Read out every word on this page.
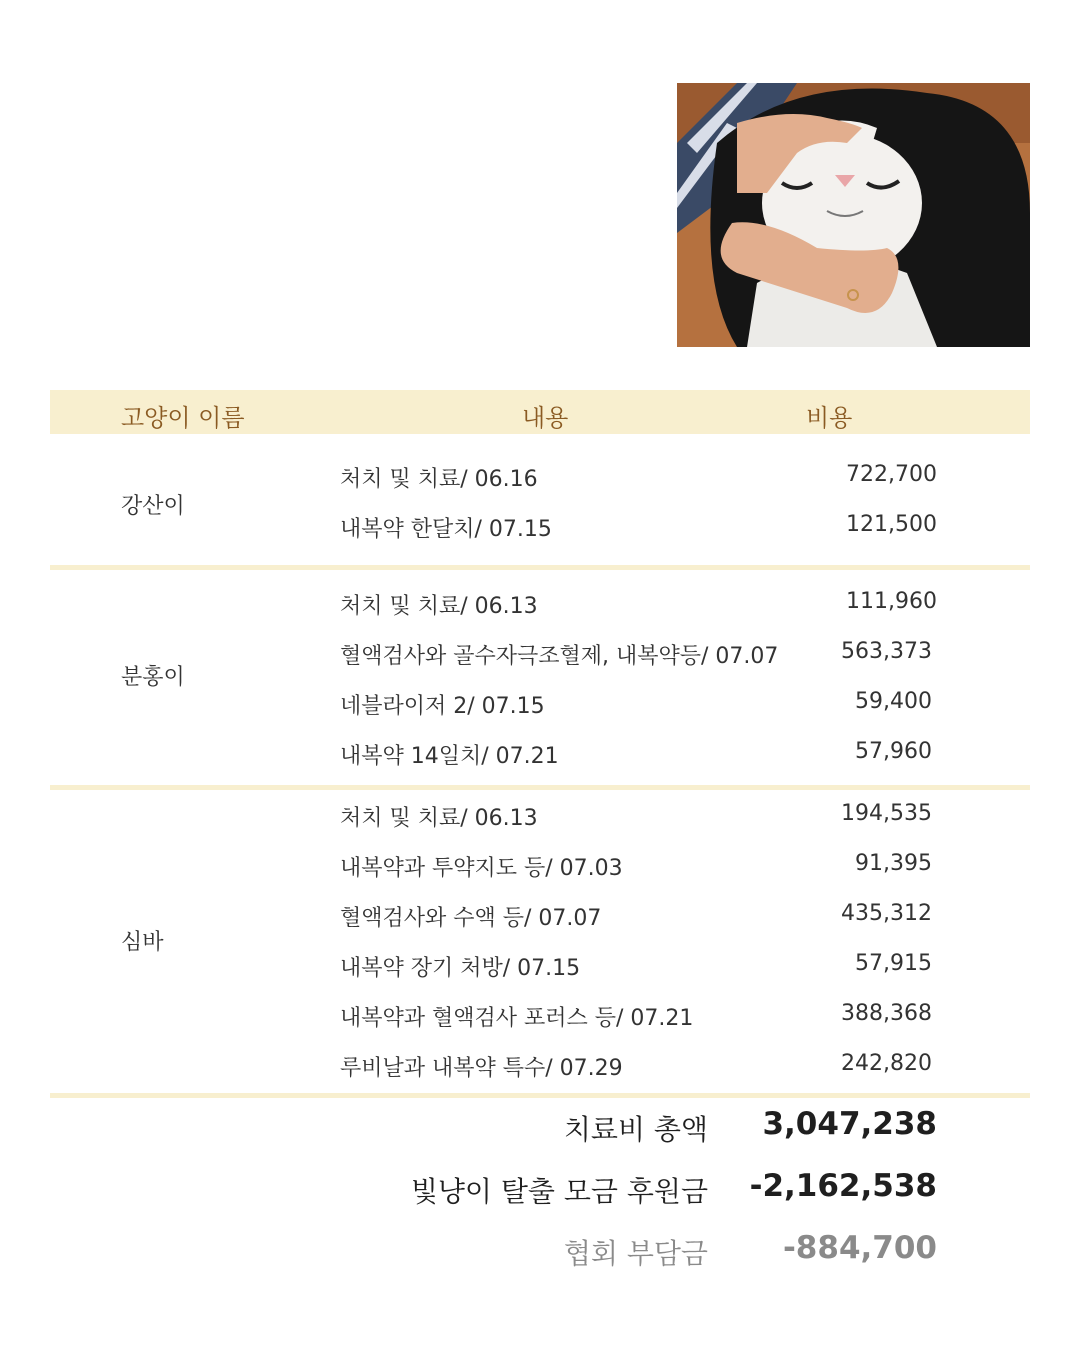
고양이 이름	내용	비용
강산이
처치 및 치료/ 06.16	722,700
내복약 한달치/ 07.15	121,500
분홍이
처치 및 치료/ 06.13	111,960
혈액검사와 골수자극조혈제, 내복약등/ 07.07	563,373
네블라이저 2/ 07.15	59,400
내복약 14일치/ 07.21	57,960
심바
처치 및 치료/ 06.13	194,535
내복약과 투약지도 등/ 07.03	91,395
혈액검사와 수액 등/ 07.07	435,312
내복약 장기 처방/ 07.15	57,915
내복약과 혈액검사 포러스 등/ 07.21	388,368
루비날과 내복약 특수/ 07.29	242,820
치료비 총액 3,047,238
빛냥이 탈출 모금 후원금 -2,162,538
협회 부담금 -884,700
